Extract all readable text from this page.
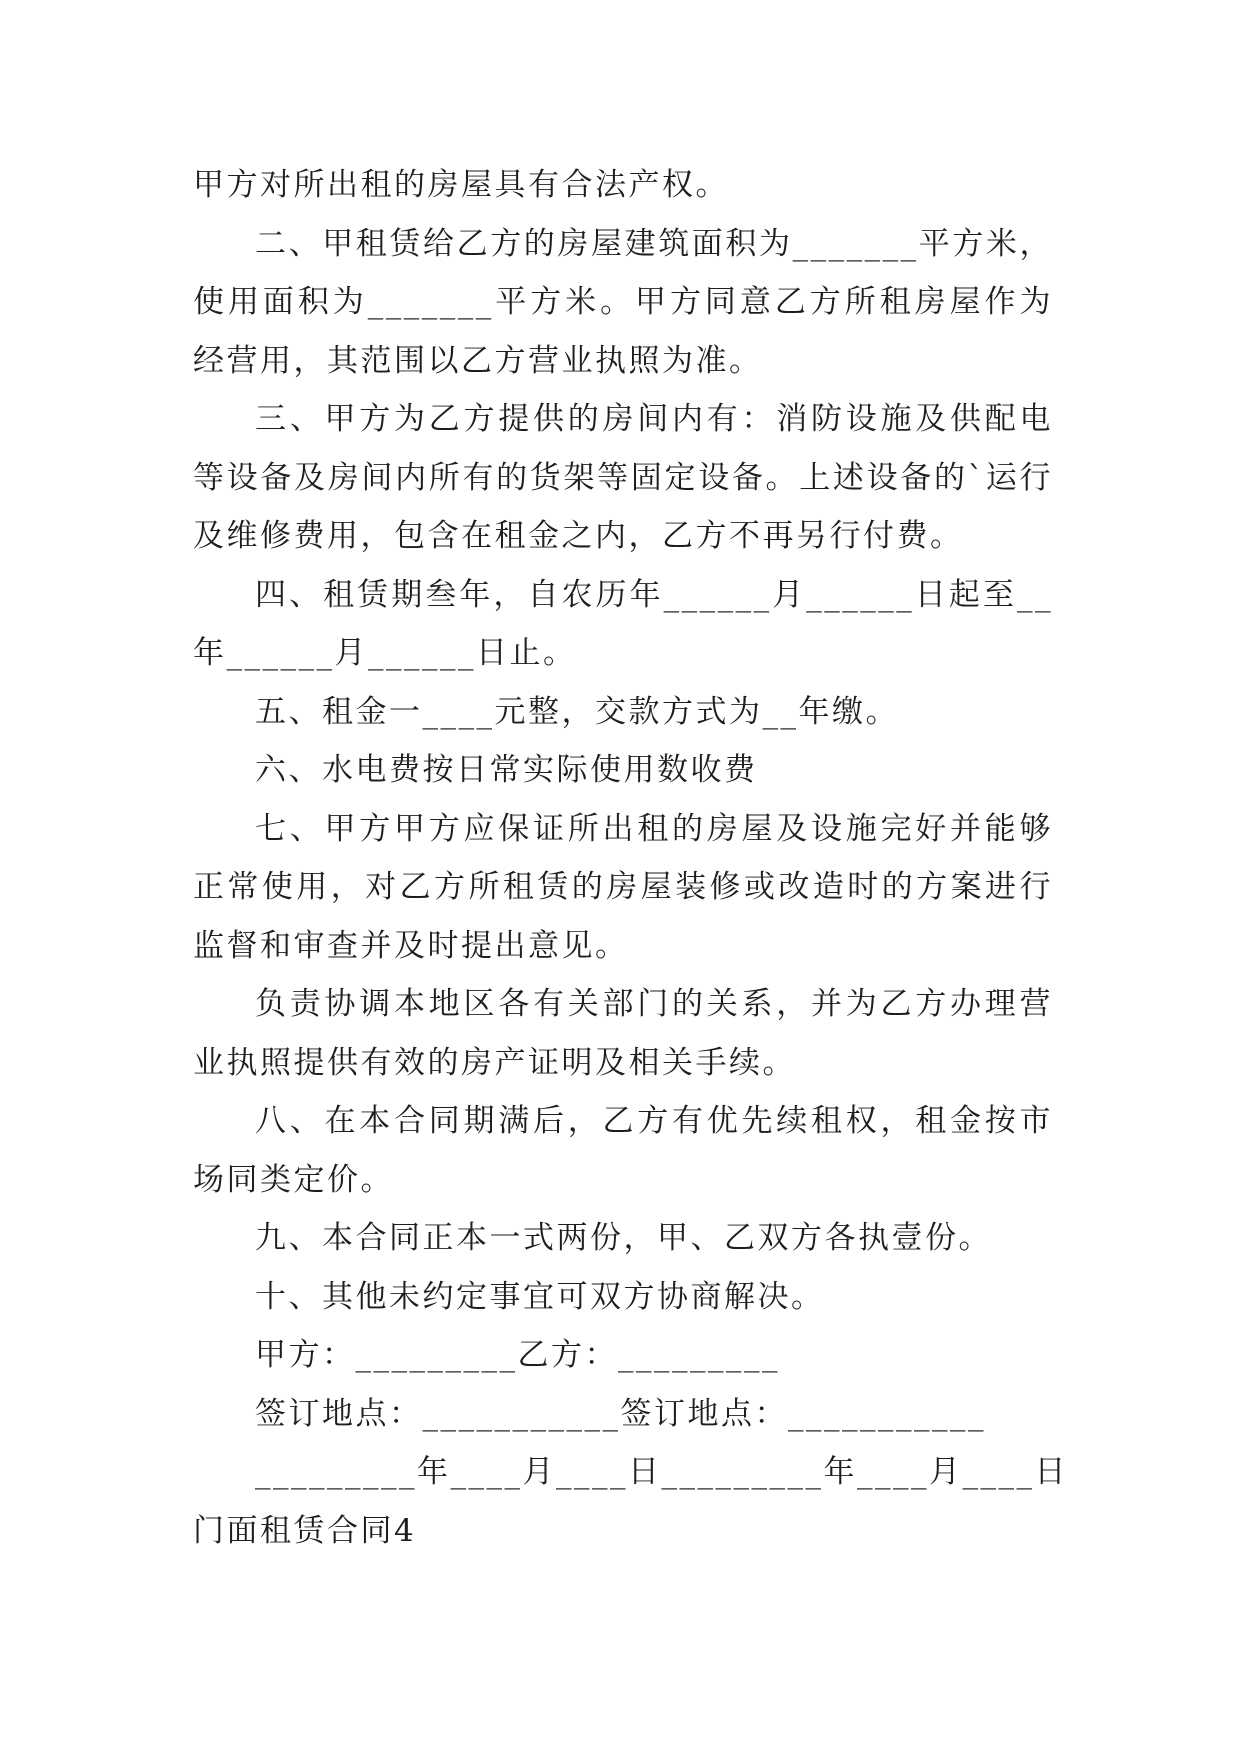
甲方对所出租的房屋具有合法产权。

二、甲租赁给乙方的房屋建筑面积为_______平方米，使用面积为_______平方米。甲方同意乙方所租房屋作为经营用，其范围以乙方营业执照为准。

三、甲方为乙方提供的房间内有：消防设施及供配电等设备及房间内所有的货架等固定设备。上述设备的`运行及维修费用，包含在租金之内，乙方不再另行付费。

四、租赁期叁年，自农历年______月______日起至__年______月______日止。

五、租金一____元整，交款方式为__年缴。

六、水电费按日常实际使用数收费

七、甲方甲方应保证所出租的房屋及设施完好并能够正常使用，对乙方所租赁的房屋装修或改造时的方案进行监督和审查并及时提出意见。

负责协调本地区各有关部门的关系，并为乙方办理营业执照提供有效的房产证明及相关手续。

八、在本合同期满后，乙方有优先续租权，租金按市场同类定价。

九、本合同正本一式两份，甲、乙双方各执壹份。

十、其他未约定事宜可双方协商解决。

甲方：_________乙方：_________

签订地点：___________签订地点：___________

_________年____月____日_________年____月____日

门面租赁合同4
